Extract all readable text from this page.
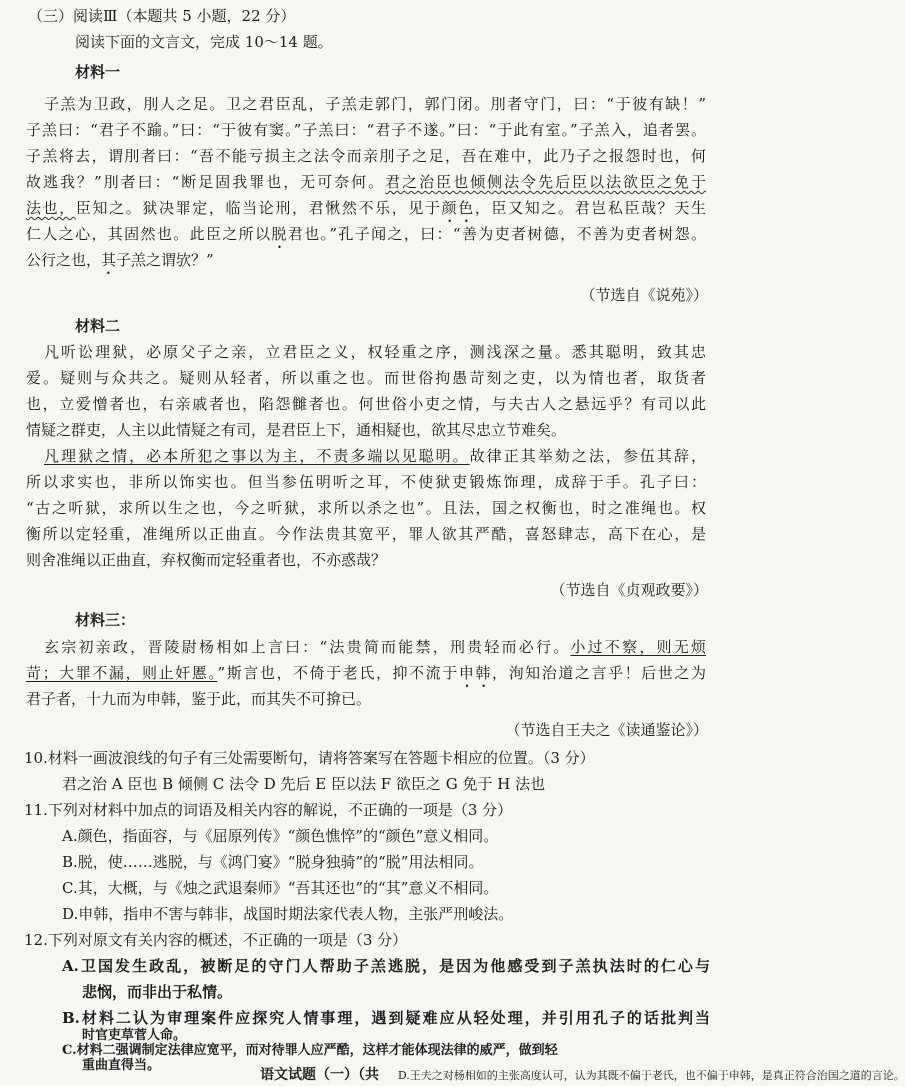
（三）阅读Ⅲ（本题共 5 小题，22 分）

阅读下面的文言文，完成 10～14 题。

材料一

子羔为卫政，刖人之足。卫之君臣乱，子羔走郭门，郭门闭。刖者守门，曰：“于彼有缺！”

子羔曰：“君子不踰。”曰：“于彼有窦。”子羔曰：“君子不遂。”曰：“于此有室。”子羔入，追者罢。

子羔将去，谓刖者曰：“吾不能亏损主之法令而亲刖子之足，吾在难中，此乃子之报怨时也，何

故逃我？”刖者曰：“断足固我罪也，无可奈何。君之治臣也倾侧法令先后臣以法欲臣之免于

法也，臣知之。狱决罪定，临当论刑，君愀然不乐，见于颜色，臣又知之。君岂私臣哉？天生

仁人之心，其固然也。此臣之所以脱君也。”孔子闻之，曰：“善为吏者树德，不善为吏者树怨。

公行之也，其子羔之谓欤？”

（节选自《说苑》）

材料二

凡听讼理狱，必原父子之亲，立君臣之义，权轻重之序，测浅深之量。悉其聪明，致其忠

爱。疑则与众共之。疑则从轻者，所以重之也。而世俗拘愚苛刻之吏，以为情也者，取货者

也，立爱憎者也，右亲戚者也，陷怨雠者也。何世俗小吏之情，与夫古人之悬远乎？有司以此

情疑之群吏，人主以此情疑之有司，是君臣上下，通相疑也，欲其尽忠立节难矣。

凡理狱之情，必本所犯之事以为主，不责多端以见聪明。故律正其举劾之法，参伍其辞，

所以求实也，非所以饰实也。但当参伍明听之耳，不使狱吏锻炼饰理，成辞于手。孔子曰：

“古之听狱，求所以生之也，今之听狱，求所以杀之也”。且法，国之权衡也，时之准绳也。权

衡所以定轻重，准绳所以正曲直。今作法贵其宽平，罪人欲其严酷，喜怒肆志，高下在心，是

则舍准绳以正曲直，弃权衡而定轻重者也，不亦惑哉？

（节选自《贞观政要》）

材料三：

玄宗初亲政，晋陵尉杨相如上言曰：“法贵简而能禁，刑贵轻而必行。小过不察，则无烦

苛；大罪不漏，则止奸慝。”斯言也，不倚于老氏，抑不流于申韩，洵知治道之言乎！后世之为

君子者，十九而为申韩，鉴于此，而其失不可揜已。

（节选自王夫之《读通鉴论》）

10.材料一画波浪线的句子有三处需要断句，请将答案写在答题卡相应的位置。（3 分）

君之治 A 臣也 B 倾侧 C 法令 D 先后 E 臣以法 F 欲臣之 G 免于 H 法也

11.下列对材料中加点的词语及相关内容的解说，不正确的一项是（3 分）

A.颜色，指面容，与《屈原列传》“颜色憔悴”的“颜色”意义相同。

B.脱，使……逃脱，与《鸿门宴》“脱身独骑”的“脱”用法相同。

C.其，大概，与《烛之武退秦师》“吾其还也”的“其”意义不相同。

D.申韩，指申不害与韩非，战国时期法家代表人物，主张严刑峻法。

12.下列对原文有关内容的概述，不正确的一项是（3 分）

A.卫国发生政乱，被断足的守门人帮助子羔逃脱，是因为他感受到子羔执法时的仁心与

悲悯，而非出于私情。

B.材料二认为审理案件应探究人情事理，遇到疑难应从轻处理，并引用孔子的话批判当

时官吏草菅人命。
C.材料二强调制定法律应宽平，而对待罪人应严酷，这样才能体现法律的威严，做到轻
重曲直得当。

语文试题（一）（共 D.王夫之对杨相如的主张高度认可，认为其既不偏于老氏，也不偏于申韩，是真正符合治国之道的言论。
